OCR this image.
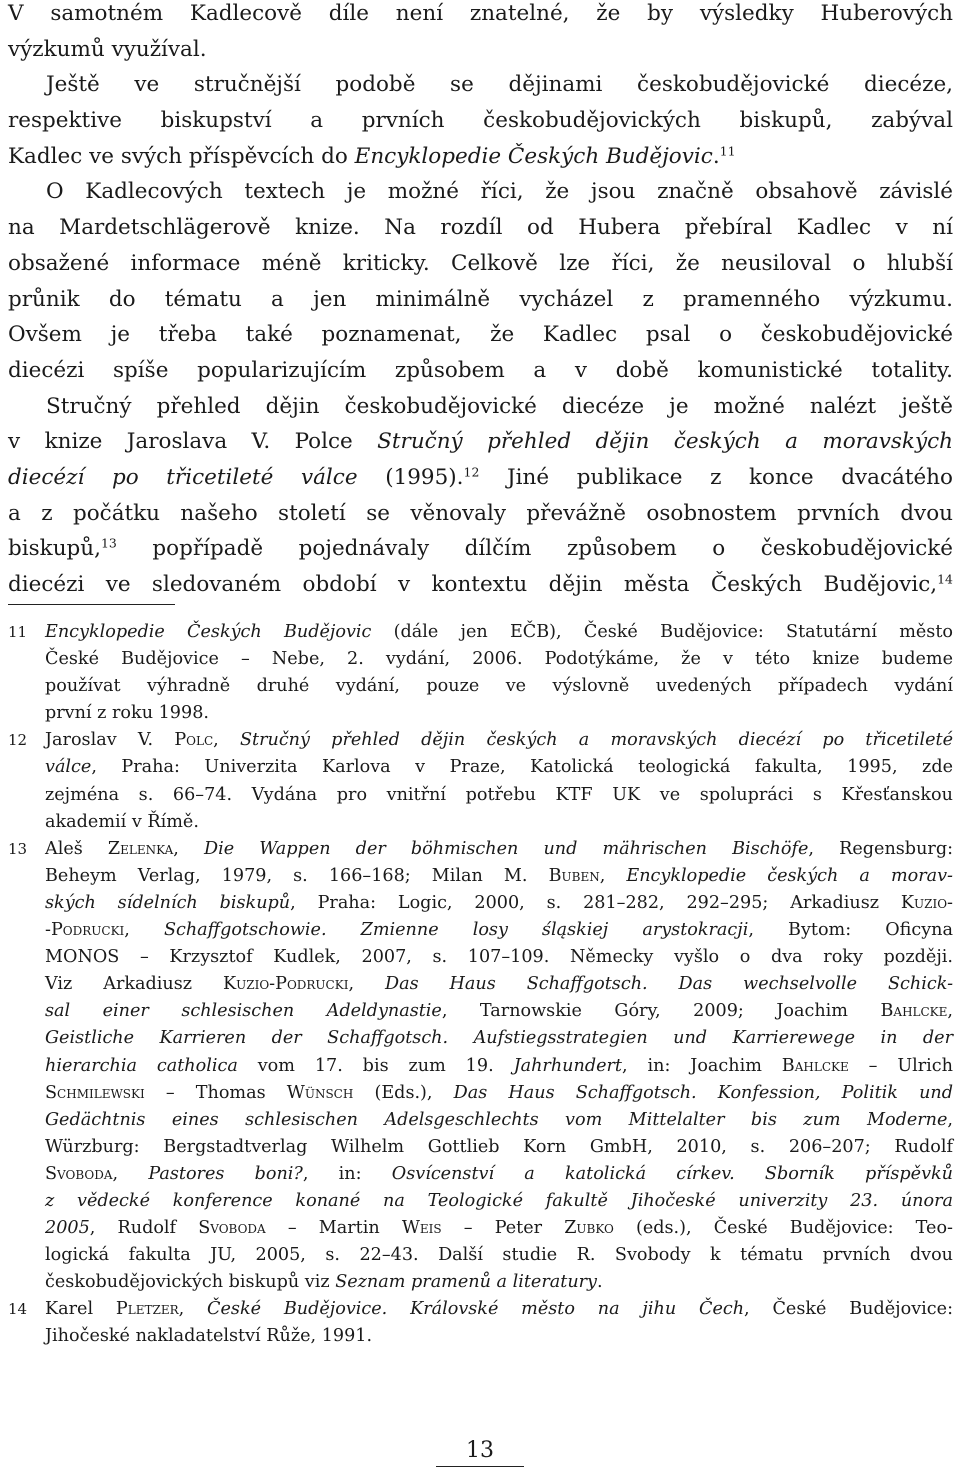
V samotném Kadlecově díle není znatelné, že by výsledky Huberových
výzkumů využíval.
Ještě ve stručnější podobě se dějinami českobudějovické diecéze,
respektive biskupství a prvních českobudějovických biskupů, zabýval
Kadlec ve svých příspěvcích do Encyklopedie Českých Budějovic.$^{11}$
O Kadlecových textech je možné říci, že jsou značně obsahově závislé
na Mardetschlägerově knize. Na rozdíl od Hubera přebíral Kadlec v ní
obsažené informace méně kriticky. Celkově lze říci, že neusiloval o hlubší
průnik do tématu a jen minimálně vycházel z pramenného výzkumu.
Ovšem je třeba také poznamenat, že Kadlec psal o českobudějovické
diecézi spíše popularizujícím způsobem a v době komunistické totality.
Stručný přehled dějin českobudějovické diecéze je možné nalézt ještě
v knize Jaroslava V. Polce Stručný přehled dějin českých a moravských
diecézí po třicetileté válce (1995).$^{12}$ Jiné publikace z konce dvacátého
a z počátku našeho století se věnovaly převážně osobnostem prvních dvou
biskupů,$^{13}$ popřípadě pojednávaly dílčím způsobem o českobudějovické
diecézi ve sledovaném období v kontextu dějin města Českých Budějovic,$^{14}$
11 Encyklopedie Českých Budějovic (dále jen EČB), České Budějovice: Statutární město
České Budějovice – Nebe, 2. vydání, 2006. Podotýkáme, že v této knize budeme
používat výhradně druhé vydání, pouze ve výslovně uvedených případech vydání
první z roku 1998.
12 Jaroslav V. Polc, Stručný přehled dějin českých a moravských diecézí po třicetileté
válce, Praha: Univerzita Karlova v Praze, Katolická teologická fakulta, 1995, zde
zejména s. 66–74. Vydána pro vnitřní potřebu KTF UK ve spolupráci s Křesťanskou
akademií v Římě.
13 Aleš Zelenka, Die Wappen der böhmischen und mährischen Bischöfe, Regensburg:
Beheym Verlag, 1979, s. 166–168; Milan M. Buben, Encyklopedie českých a morav-
ských sídelních biskupů, Praha: Logic, 2000, s. 281–282, 292–295; Arkadiusz Kuzio-
-Podrucki, Schaffgotschowie. Zmienne losy śląskiej arystokracji, Bytom: Oficyna
MONOS – Krzysztof Kudlek, 2007, s. 107–109. Německy vyšlo o dva roky později.
Viz Arkadiusz Kuzio-Podrucki, Das Haus Schaffgotsch. Das wechselvolle Schick-
sal einer schlesischen Adeldynastie, Tarnowskie Góry, 2009; Joachim Bahlcke,
Geistliche Karrieren der Schaffgotsch. Aufstiegsstrategien und Karrierewege in der
hierarchia catholica vom 17. bis zum 19. Jahrhundert, in: Joachim Bahlcke – Ulrich
Schmilewski – Thomas Wünsch (Eds.), Das Haus Schaffgotsch. Konfession, Politik und
Gedächtnis eines schlesischen Adelsgeschlechts vom Mittelalter bis zum Moderne,
Würzburg: Bergstadtverlag Wilhelm Gottlieb Korn GmbH, 2010, s. 206–207; Rudolf
Svoboda, Pastores boni?, in: Osvícenství a katolická církev. Sborník příspěvků
z vědecké konference konané na Teologické fakultě Jihočeské univerzity 23. února
2005, Rudolf Svoboda – Martin Weis – Peter Zubko (eds.), České Budějovice: Teo-
logická fakulta JU, 2005, s. 22–43. Další studie R. Svobody k tématu prvních dvou
českobudějovických biskupů viz Seznam pramenů a literatury.
14 Karel Pletzer, České Budějovice. Královské město na jihu Čech, České Budějovice:
Jihočeské nakladatelství Růže, 1991.
13
